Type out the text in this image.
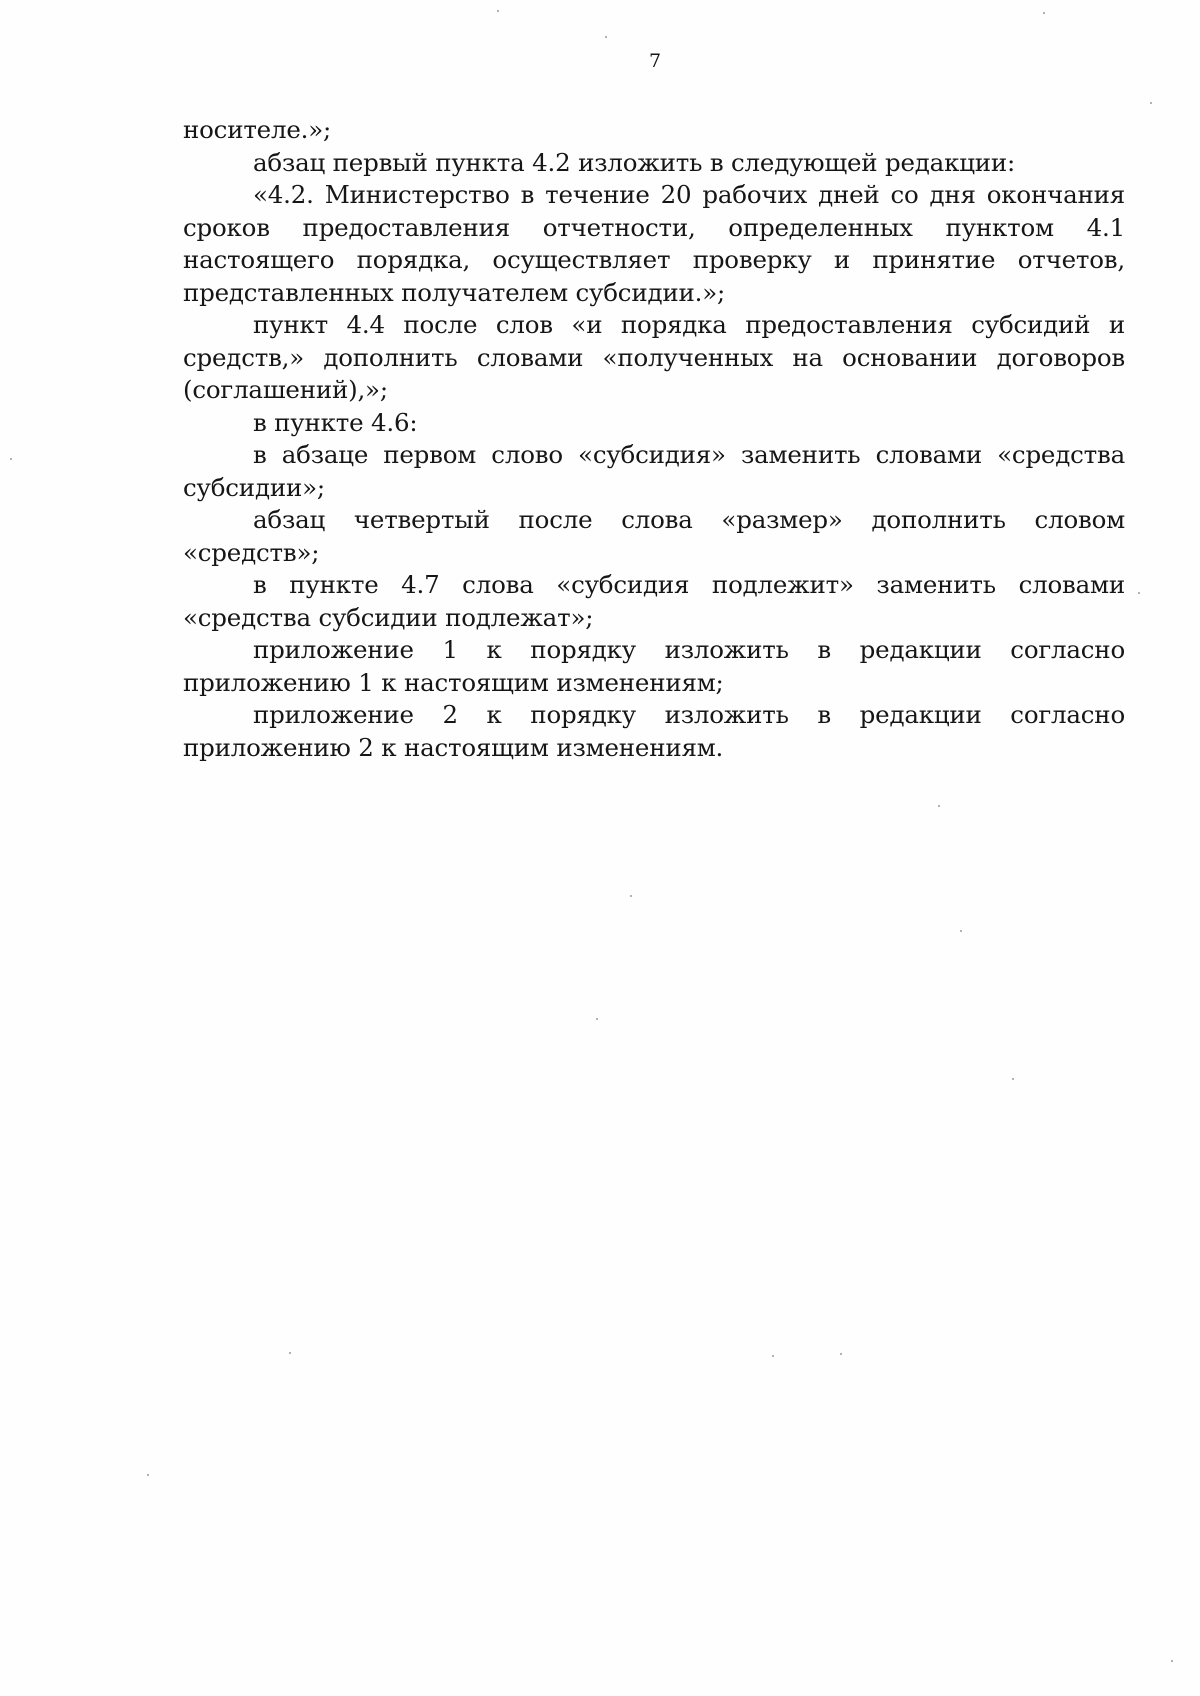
7

носителе.»;

абзац первый пункта 4.2 изложить в следующей редакции:

«4.2. Министерство в течение 20 рабочих дней со дня окончания сроков предоставления отчетности, определенных пунктом 4.1 настоящего порядка, осуществляет проверку и принятие отчетов, представленных получателем субсидии.»;

пункт 4.4 после слов «и порядка предоставления субсидий и средств,» дополнить словами «полученных на основании договоров (соглашений),»;

в пункте 4.6:

в абзаце первом слово «субсидия» заменить словами «средства субсидии»;

абзац четвертый после слова «размер» дополнить словом «средств»;

в пункте 4.7 слова «субсидия подлежит» заменить словами «средства субсидии подлежат»;

приложение 1 к порядку изложить в редакции согласно приложению 1 к настоящим изменениям;

приложение 2 к порядку изложить в редакции согласно приложению 2 к настоящим изменениям.
